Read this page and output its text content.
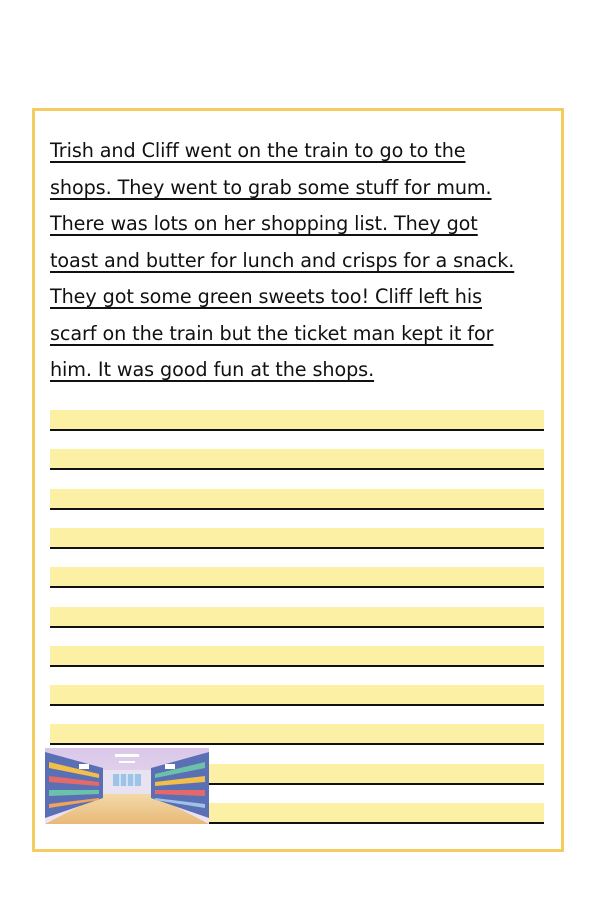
Trish and Cliff went on the train to go to the
shops. They went to grab some stuff for mum.
There was lots on her shopping list. They got
toast and butter for lunch and crisps for a snack.
They got some green sweets too! Cliff left his
scarf on the train but the ticket man kept it for
him. It was good fun at the shops.
